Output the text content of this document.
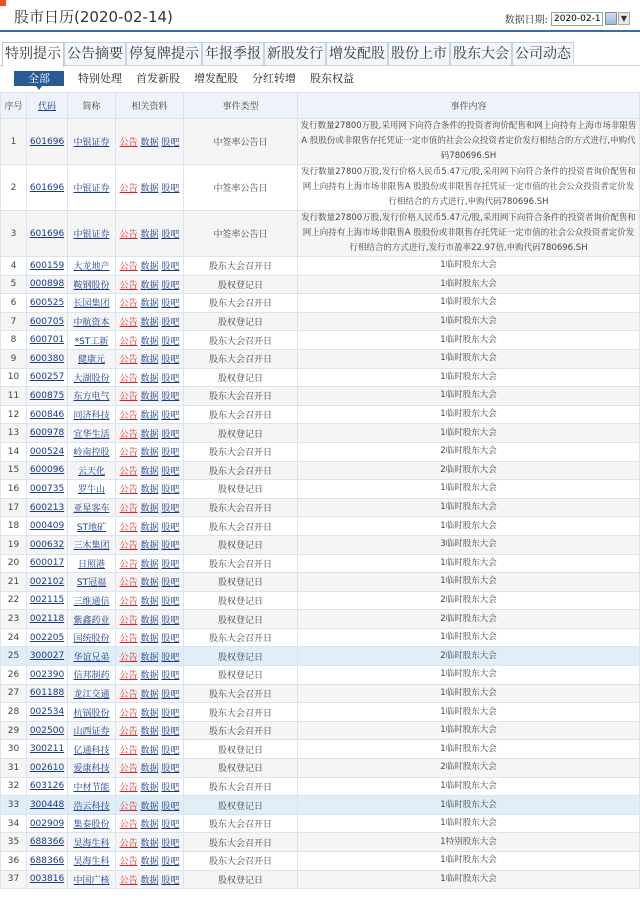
股市日历(2020-02-14)	数据日期:
2020-02-14	▼
特别提示 公告摘要 停复牌提示 年报季报 新股发行 增发配股 股份上市 股东大会 公司动态
全部	特别处理 首发新股 增发配股 分红转增 股东权益
序号	代码	简称	相关资料	事件类型	事件内容
1	601696	中银证券	公告 数据 股吧	中签率公告日	发行数量27800万股,采用网下向符合条件的投资者询价配售和网上向持有上海市场非限售A 股股份或非限售存托凭证一定市值的社会公众投资者定价发行相结合的方式进行,申购代码780696.SH
2	601696	中银证券	公告 数据 股吧	中签率公告日	发行数量27800万股,发行价格人民币5.47元/股,采用网下向符合条件的投资者询价配售和网上向持有上海市场非限售A 股股份或非限售存托凭证一定市值的社会公众投资者定价发行相结合的方式进行,申购代码780696.SH
3	601696	中银证券	公告 数据 股吧	中签率公告日	发行数量27800万股,发行价格人民币5.47元/股,采用网下向符合条件的投资者询价配售和网上向持有上海市场非限售A 股股份或非限售存托凭证一定市值的社会公众投资者定价发行相结合的方式进行,发行市盈率22.97倍,申购代码780696.SH
4	600159	大龙地产	公告 数据 股吧	股东大会召开日	1临时股东大会
5	000898	鞍钢股份	公告 数据 股吧	股权登记日	1临时股东大会
6	600525	长园集团	公告 数据 股吧	股东大会召开日	1临时股东大会
7	600705	中航资本	公告 数据 股吧	股权登记日	1临时股东大会
8	600701	*ST工新	公告 数据 股吧	股东大会召开日	1临时股东大会
9	600380	健康元	公告 数据 股吧	股东大会召开日	1临时股东大会
10	600257	大湖股份	公告 数据 股吧	股权登记日	1临时股东大会
11	600875	东方电气	公告 数据 股吧	股东大会召开日	1临时股东大会
12	600846	同济科技	公告 数据 股吧	股东大会召开日	1临时股东大会
13	600978	宜华生活	公告 数据 股吧	股权登记日	1临时股东大会
14	000524	岭南控股	公告 数据 股吧	股东大会召开日	2临时股东大会
15	600096	云天化	公告 数据 股吧	股东大会召开日	2临时股东大会
16	000735	罗牛山	公告 数据 股吧	股权登记日	1临时股东大会
17	600213	亚星客车	公告 数据 股吧	股东大会召开日	1临时股东大会
18	000409	ST地矿	公告 数据 股吧	股东大会召开日	1临时股东大会
19	000632	三木集团	公告 数据 股吧	股权登记日	3临时股东大会
20	600017	日照港	公告 数据 股吧	股东大会召开日	1临时股东大会
21	002102	ST冠福	公告 数据 股吧	股权登记日	1临时股东大会
22	002115	三维通信	公告 数据 股吧	股权登记日	2临时股东大会
23	002118	紫鑫药业	公告 数据 股吧	股权登记日	2临时股东大会
24	002205	国统股份	公告 数据 股吧	股东大会召开日	1临时股东大会
25	300027	华谊兄弟	公告 数据 股吧	股权登记日	2临时股东大会
26	002390	信邦制药	公告 数据 股吧	股权登记日	1临时股东大会
27	601188	龙江交通	公告 数据 股吧	股东大会召开日	1临时股东大会
28	002534	杭锅股份	公告 数据 股吧	股东大会召开日	1临时股东大会
29	002500	山西证券	公告 数据 股吧	股东大会召开日	1临时股东大会
30	300211	亿通科技	公告 数据 股吧	股权登记日	1临时股东大会
31	002610	爱康科技	公告 数据 股吧	股权登记日	2临时股东大会
32	603126	中材节能	公告 数据 股吧	股东大会召开日	1临时股东大会
33	300448	浩云科技	公告 数据 股吧	股权登记日	1临时股东大会
34	002909	集泰股份	公告 数据 股吧	股东大会召开日	1临时股东大会
35	688366	昊海生科	公告 数据 股吧	股东大会召开日	1特别股东大会
36	688366	昊海生科	公告 数据 股吧	股东大会召开日	1临时股东大会
37	003816	中国广核	公告 数据 股吧	股权登记日	1临时股东大会
